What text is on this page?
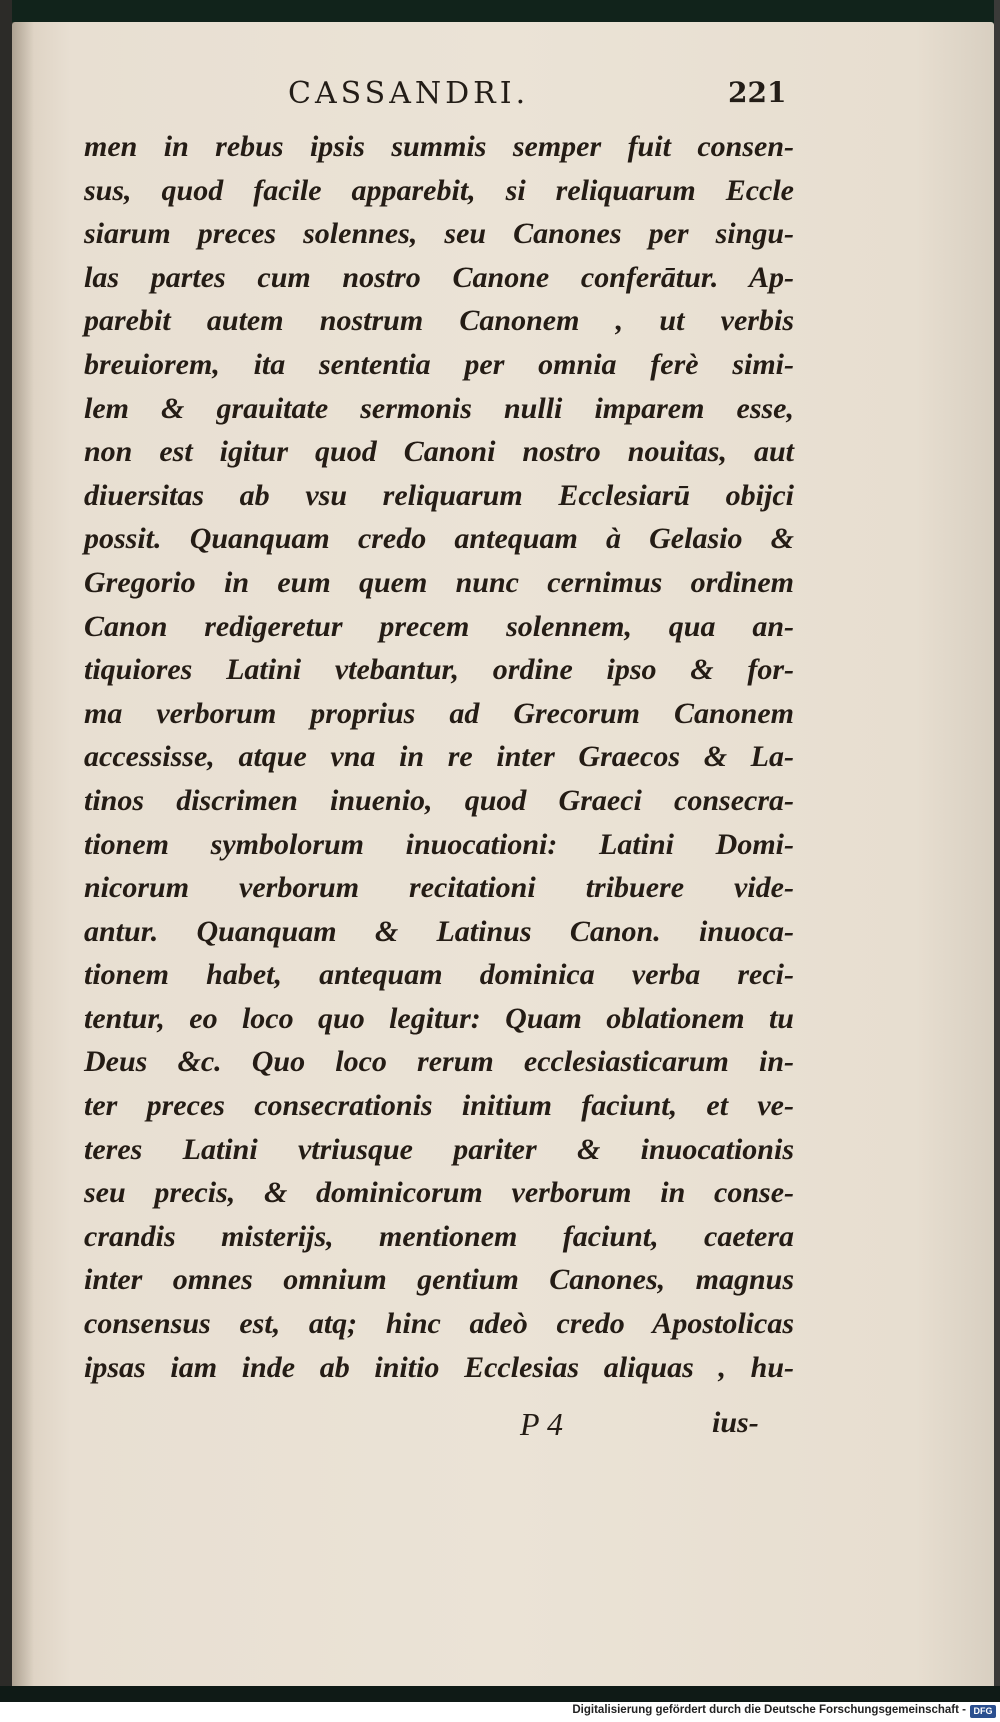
CASSANDRI.	221
men in rebus ipsis summis semper fuit consen-
sus, quod facile apparebit, si reliquarum Eccle
siarum preces solennes, seu Canones per singu-
las partes cum nostro Canone conferātur. Ap-
parebit autem nostrum Canonem , ut verbis
breuiorem, ita sententia per omnia ferè simi-
lem & grauitate sermonis nulli imparem esse,
non est igitur quod Canoni nostro nouitas, aut
diuersitas ab vsu reliquarum Ecclesiarū obijci
possit. Quanquam credo antequam à Gelasio &
Gregorio in eum quem nunc cernimus ordinem
Canon redigeretur precem solennem, qua an-
tiquiores Latini vtebantur, ordine ipso & for-
ma verborum proprius ad Grecorum Canonem
accessisse, atque vna in re inter Graecos & La-
tinos discrimen inuenio, quod Graeci consecra-
tionem symbolorum inuocationi: Latini Domi-
nicorum verborum recitationi tribuere vide-
antur. Quanquam & Latinus Canon. inuoca-
tionem habet, antequam dominica verba reci-
tentur, eo loco quo legitur: Quam oblationem tu
Deus &c. Quo loco rerum ecclesiasticarum in-
ter preces consecrationis initium faciunt, et ve-
teres Latini vtriusque pariter & inuocationis
seu precis, & dominicorum verborum in conse-
crandis misterijs, mentionem faciunt, caetera
inter omnes omnium gentium Canones, magnus
consensus est, atq; hinc adeò credo Apostolicas
ipsas iam inde ab initio Ecclesias aliquas , hu-
P 4	ius-
Digitalisierung gefördert durch die Deutsche Forschungsgemeinschaft - DFG
